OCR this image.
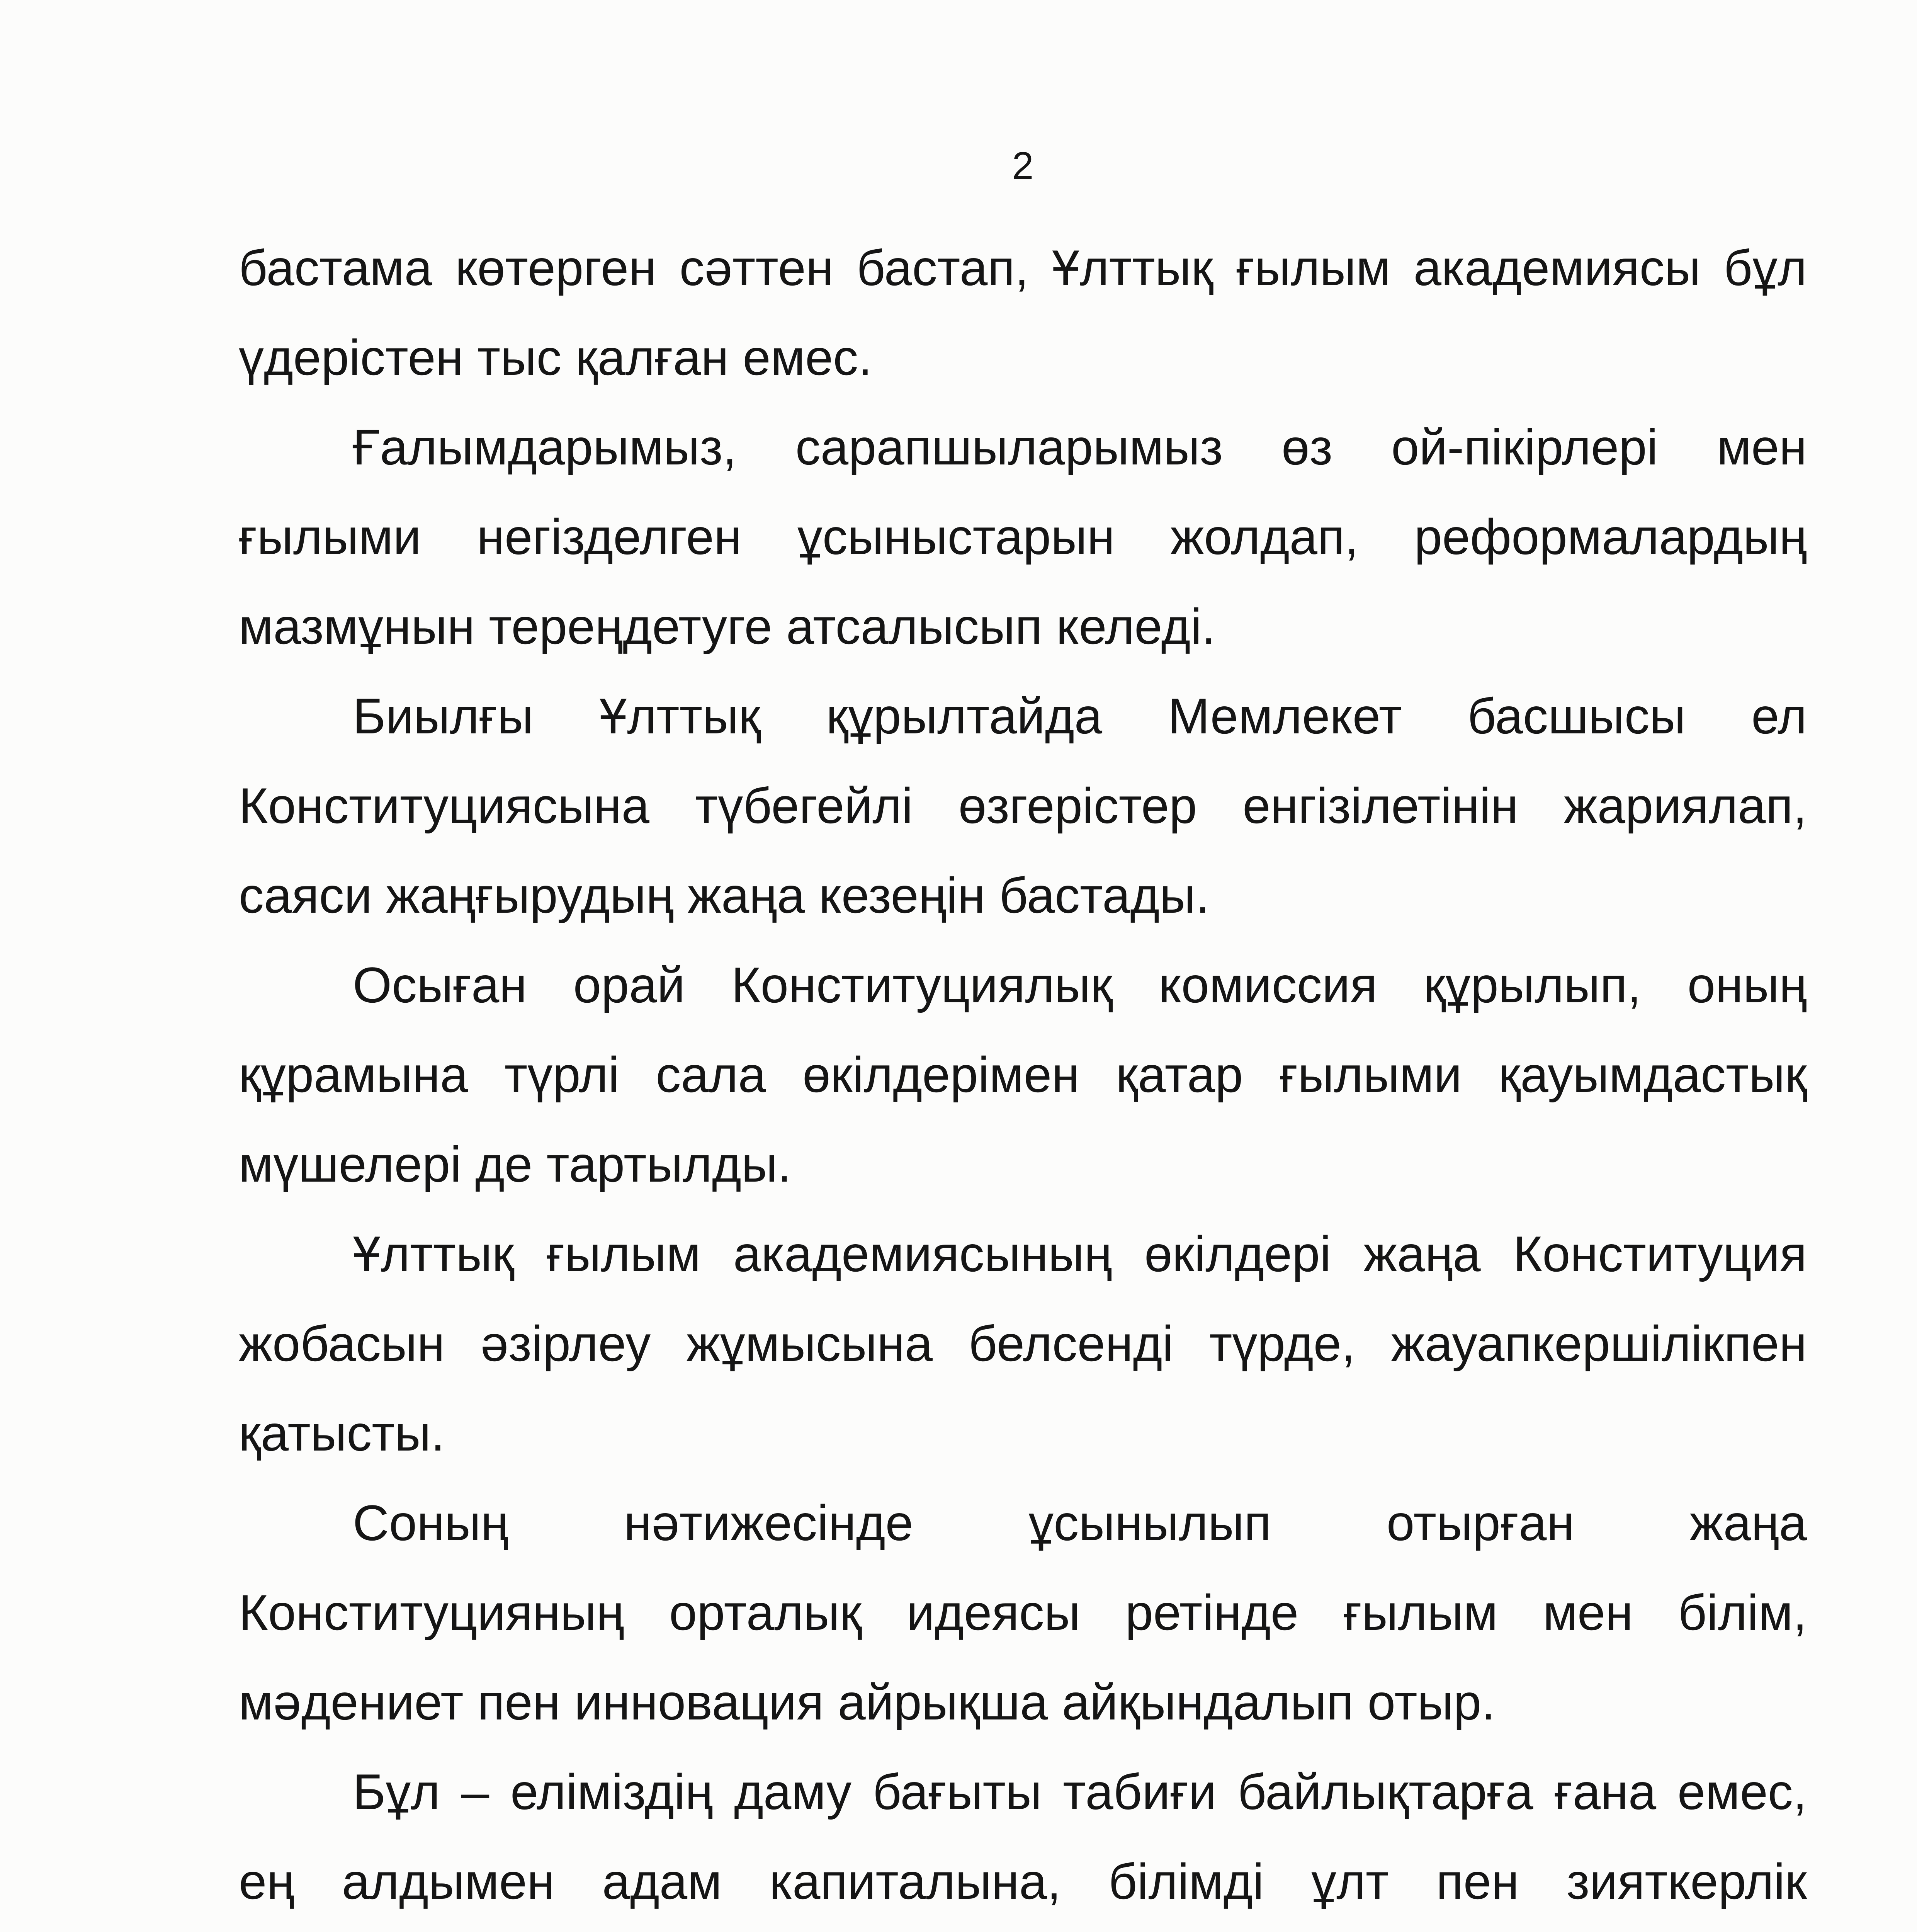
2
бастама көтерген сәттен бастап, Ұлттық ғылым академиясы бұл
үдерістен тыс қалған емес.
Ғалымдарымыз, сарапшыларымыз өз ой-пікірлері мен
ғылыми негізделген ұсыныстарын жолдап, реформалардың
мазмұнын тереңдетуге атсалысып келеді.
Биылғы Ұлттық құрылтайда Мемлекет басшысы ел
Конституциясына түбегейлі өзгерістер енгізілетінін жариялап,
саяси жаңғырудың жаңа кезеңін бастады.
Осыған орай Конституциялық комиссия құрылып, оның
құрамына түрлі сала өкілдерімен қатар ғылыми қауымдастық
мүшелері де тартылды.
Ұлттық ғылым академиясының өкілдері жаңа Конституция
жобасын әзірлеу жұмысына белсенді түрде, жауапкершілікпен
қатысты.
Соның нәтижесінде ұсынылып отырған жаңа
Конституцияның орталық идеясы ретінде ғылым мен білім,
мәдениет пен инновация айрықша айқындалып отыр.
Бұл – еліміздің даму бағыты табиғи байлықтарға ғана емес,
ең алдымен адам капиталына, білімді ұлт пен зияткерлік
